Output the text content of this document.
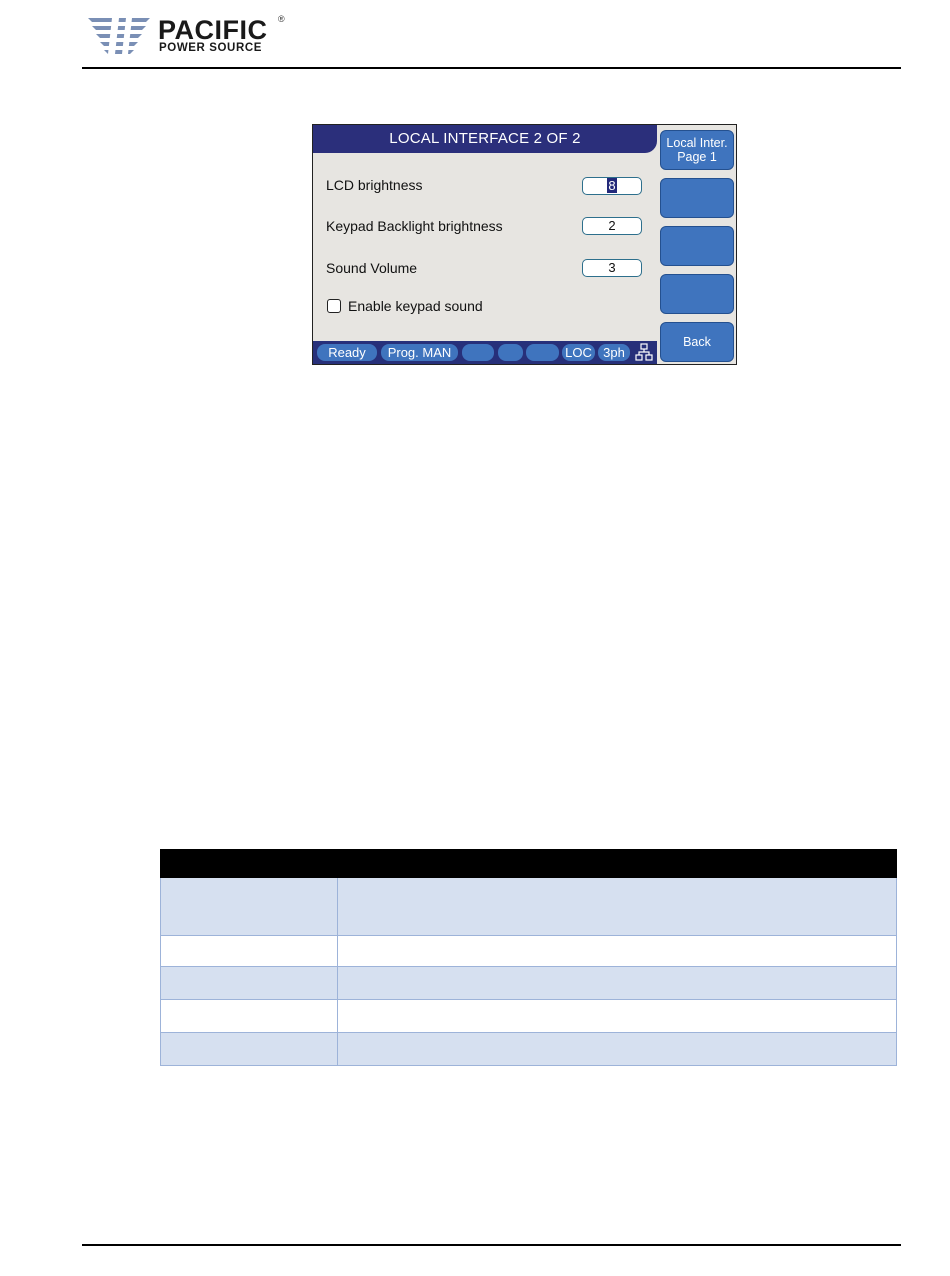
PACIFIC ®
POWER SOURCE
LOCAL INTERFACE 2 OF 2
LCD brightness	8
Keypad Backlight brightness	2
Sound Volume	3
Enable keypad sound
Local Inter.
Page 1
Back
Ready	Prog. MAN	LOC 3ph
